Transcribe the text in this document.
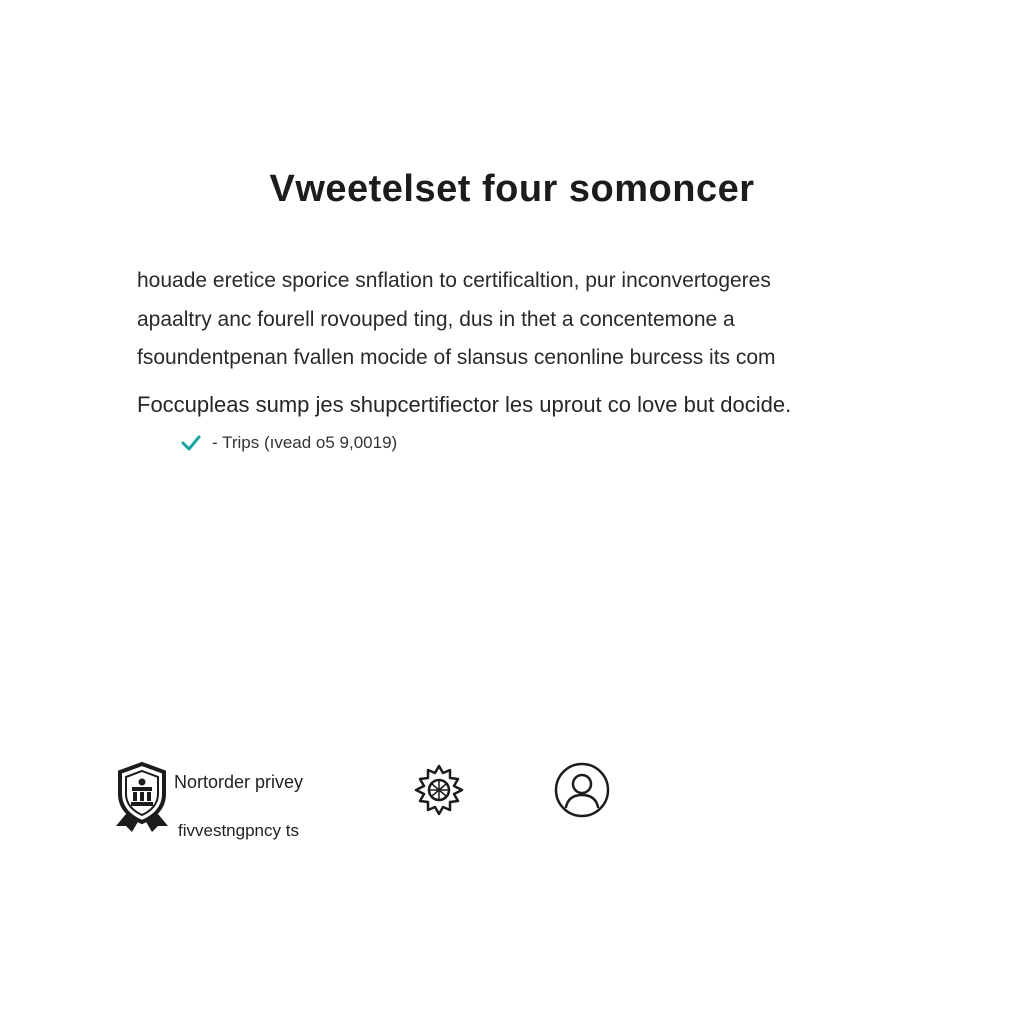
Vweetelset four somoncer

houade eretice sporice snflation to certificaltion, pur inconvertogeres

apaaltry anc fourell rovouped ting, dus in thet a concentemone a

fsoundentpenan fvallen mocide of slansus cenonline burcess its com

Foccupleas sump jes shupcertifiector les uprout co love but docide.

- Trips (ıvead o5 9,0019)
Nortorder privey
fivvestngpncy ts
